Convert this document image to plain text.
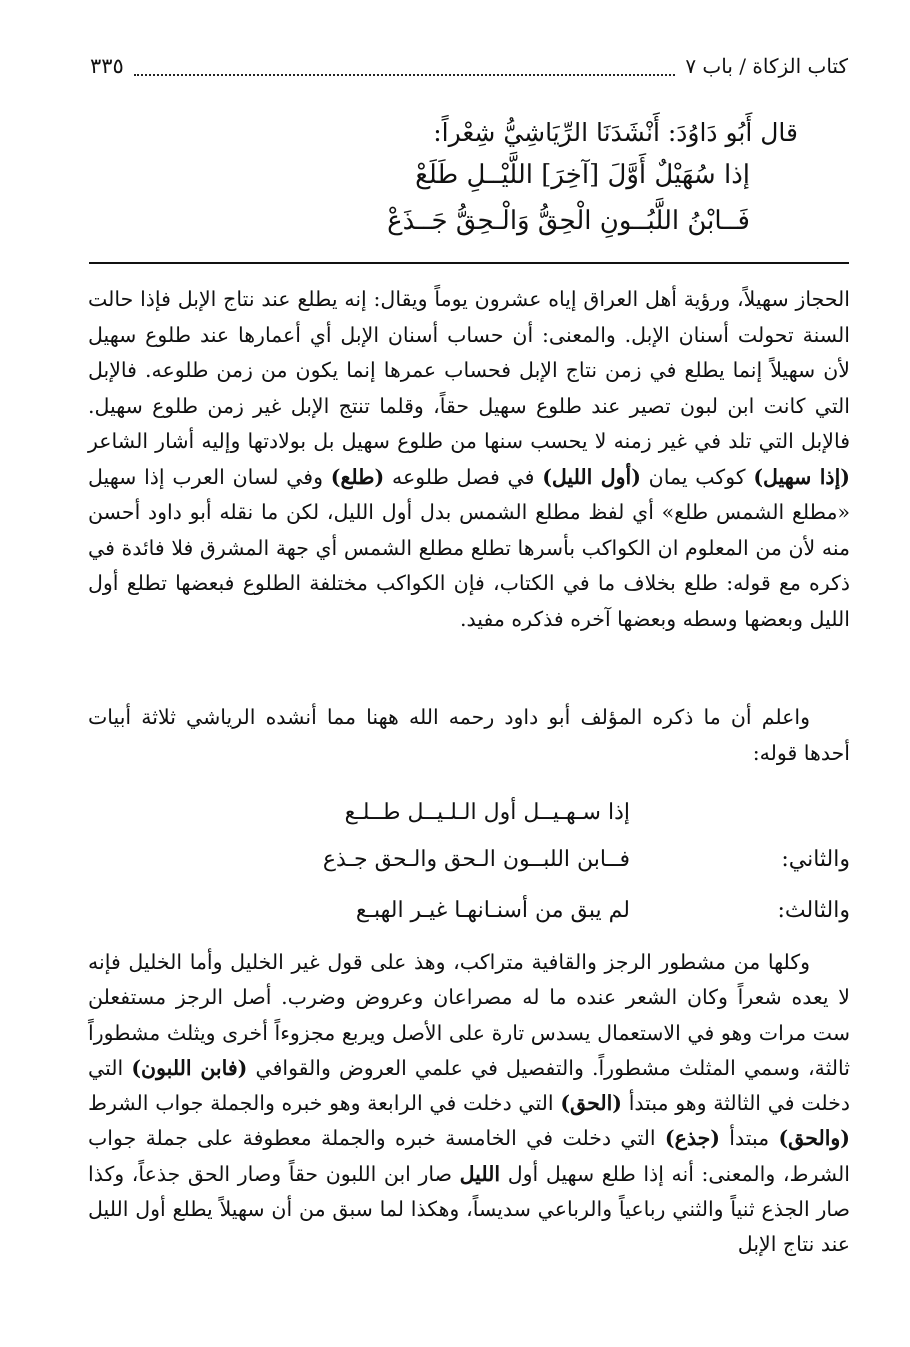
كتاب الزكاة / باب ٧
٣٣٥
قال أَبُو دَاوُدَ: أَنْشَدَنَا الرِّيَاشِيُّ شِعْراً:
إذا سُهَيْلٌ أَوَّلَ [آخِرَ] اللَّيْــلِ طَلَعْ
فَــابْنُ اللَّبُــونِ الْحِقُّ وَالْـحِقُّ جَــذَعْ

الحجاز سهيلاً، ورؤية أهل العراق إياه عشرون يوماً ويقال: إنه يطلع عند نتاج الإبل فإذا حالت السنة تحولت أسنان الإبل. والمعنى: أن حساب أسنان الإبل أي أعمارها عند طلوع سهيل لأن سهيلاً إنما يطلع في زمن نتاج الإبل فحساب عمرها إنما يكون من زمن طلوعه. فالإبل التي كانت ابن لبون تصير عند طلوع سهيل حقاً، وقلما تنتج الإبل غير زمن طلوع سهيل. فالإبل التي تلد في غير زمنه لا يحسب سنها من طلوع سهيل بل بولادتها وإليه أشار الشاعر (إذا سهيل) كوكب يمان (أول الليل) في فصل طلوعه (طلع) وفي لسان العرب إذا سهيل «مطلع الشمس طلع» أي لفظ مطلع الشمس بدل أول الليل، لكن ما نقله أبو داود أحسن منه لأن من المعلوم ان الكواكب بأسرها تطلع مطلع الشمس أي جهة المشرق فلا فائدة في ذكره مع قوله: طلع بخلاف ما في الكتاب، فإن الكواكب مختلفة الطلوع فبعضها تطلع أول الليل وبعضها وسطه وبعضها آخره فذكره مفيد.

واعلم أن ما ذكره المؤلف أبو داود رحمه الله ههنا مما أنشده الرياشي ثلاثة أبيات أحدها قوله:

إذا سـهـيــل أول الـلـيــل طــلـع
والثاني:
فــابن اللبــون الـحق والـحق جـذع
والثالث:
لم يبق من أسنـانهـا غيـر الهبـع

وكلها من مشطور الرجز والقافية متراكب، وهذ على قول غير الخليل وأما الخليل فإنه لا يعده شعراً وكان الشعر عنده ما له مصراعان وعروض وضرب. أصل الرجز مستفعلن ست مرات وهو في الاستعمال يسدس تارة على الأصل ويربع مجزوءاً أخرى ويثلث مشطوراً ثالثة، وسمي المثلث مشطوراً. والتفصيل في علمي العروض والقوافي (فابن اللبون) التي دخلت في الثالثة وهو مبتدأ (الحق) التي دخلت في الرابعة وهو خبره والجملة جواب الشرط (والحق) مبتدأ (جذع) التي دخلت في الخامسة خبره والجملة معطوفة على جملة جواب الشرط، والمعنى: أنه إذا طلع سهيل أول الليل صار ابن اللبون حقاً وصار الحق جذعاً، وكذا صار الجذع ثنياً والثني رباعياً والرباعي سديساً، وهكذا لما سبق من أن سهيلاً يطلع أول الليل عند نتاج الإبل
